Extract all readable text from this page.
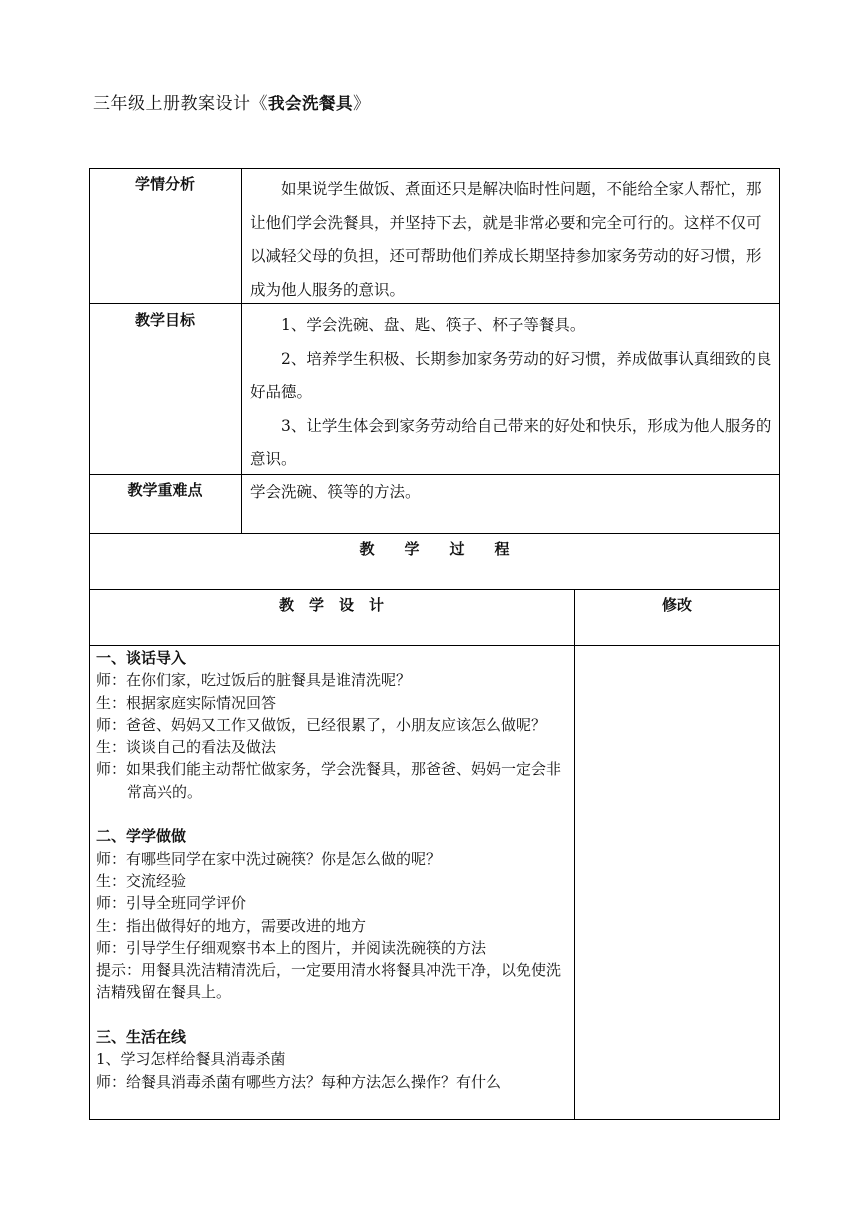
三年级上册教案设计《我会洗餐具》
学情分析	如果说学生做饭、煮面还只是解决临时性问题，不能给全家人帮忙，那让他们学会洗餐具，并坚持下去，就是非常必要和完全可行的。这样不仅可以减轻父母的负担，还可帮助他们养成长期坚持参加家务劳动的好习惯，形成为他人服务的意识。

教学目标	1、学会洗碗、盘、匙、筷子、杯子等餐具。

2、培养学生积极、长期参加家务劳动的好习惯，养成做事认真细致的良好品德。

3、让学生体会到家务劳动给自己带来的好处和快乐，形成为他人服务的意识。

教学重难点	学会洗碗、筷等的方法。
教　　学　　过　　程
教　学　设　计	修改
一、谈话导入
师：在你们家，吃过饭后的脏餐具是谁清洗呢？
生：根据家庭实际情况回答
师：爸爸、妈妈又工作又做饭，已经很累了，小朋友应该怎么做呢？
生：谈谈自己的看法及做法
师：如果我们能主动帮忙做家务，学会洗餐具，那爸爸、妈妈一定会非常高兴的。
二、学学做做
师：有哪些同学在家中洗过碗筷？你是怎么做的呢？
生：交流经验
师：引导全班同学评价
生：指出做得好的地方，需要改进的地方
师：引导学生仔细观察书本上的图片，并阅读洗碗筷的方法
提示：用餐具洗洁精清洗后，一定要用清水将餐具冲洗干净，以免使洗洁精残留在餐具上。
三、生活在线
1、学习怎样给餐具消毒杀菌
师：给餐具消毒杀菌有哪些方法？每种方法怎么操作？有什么
